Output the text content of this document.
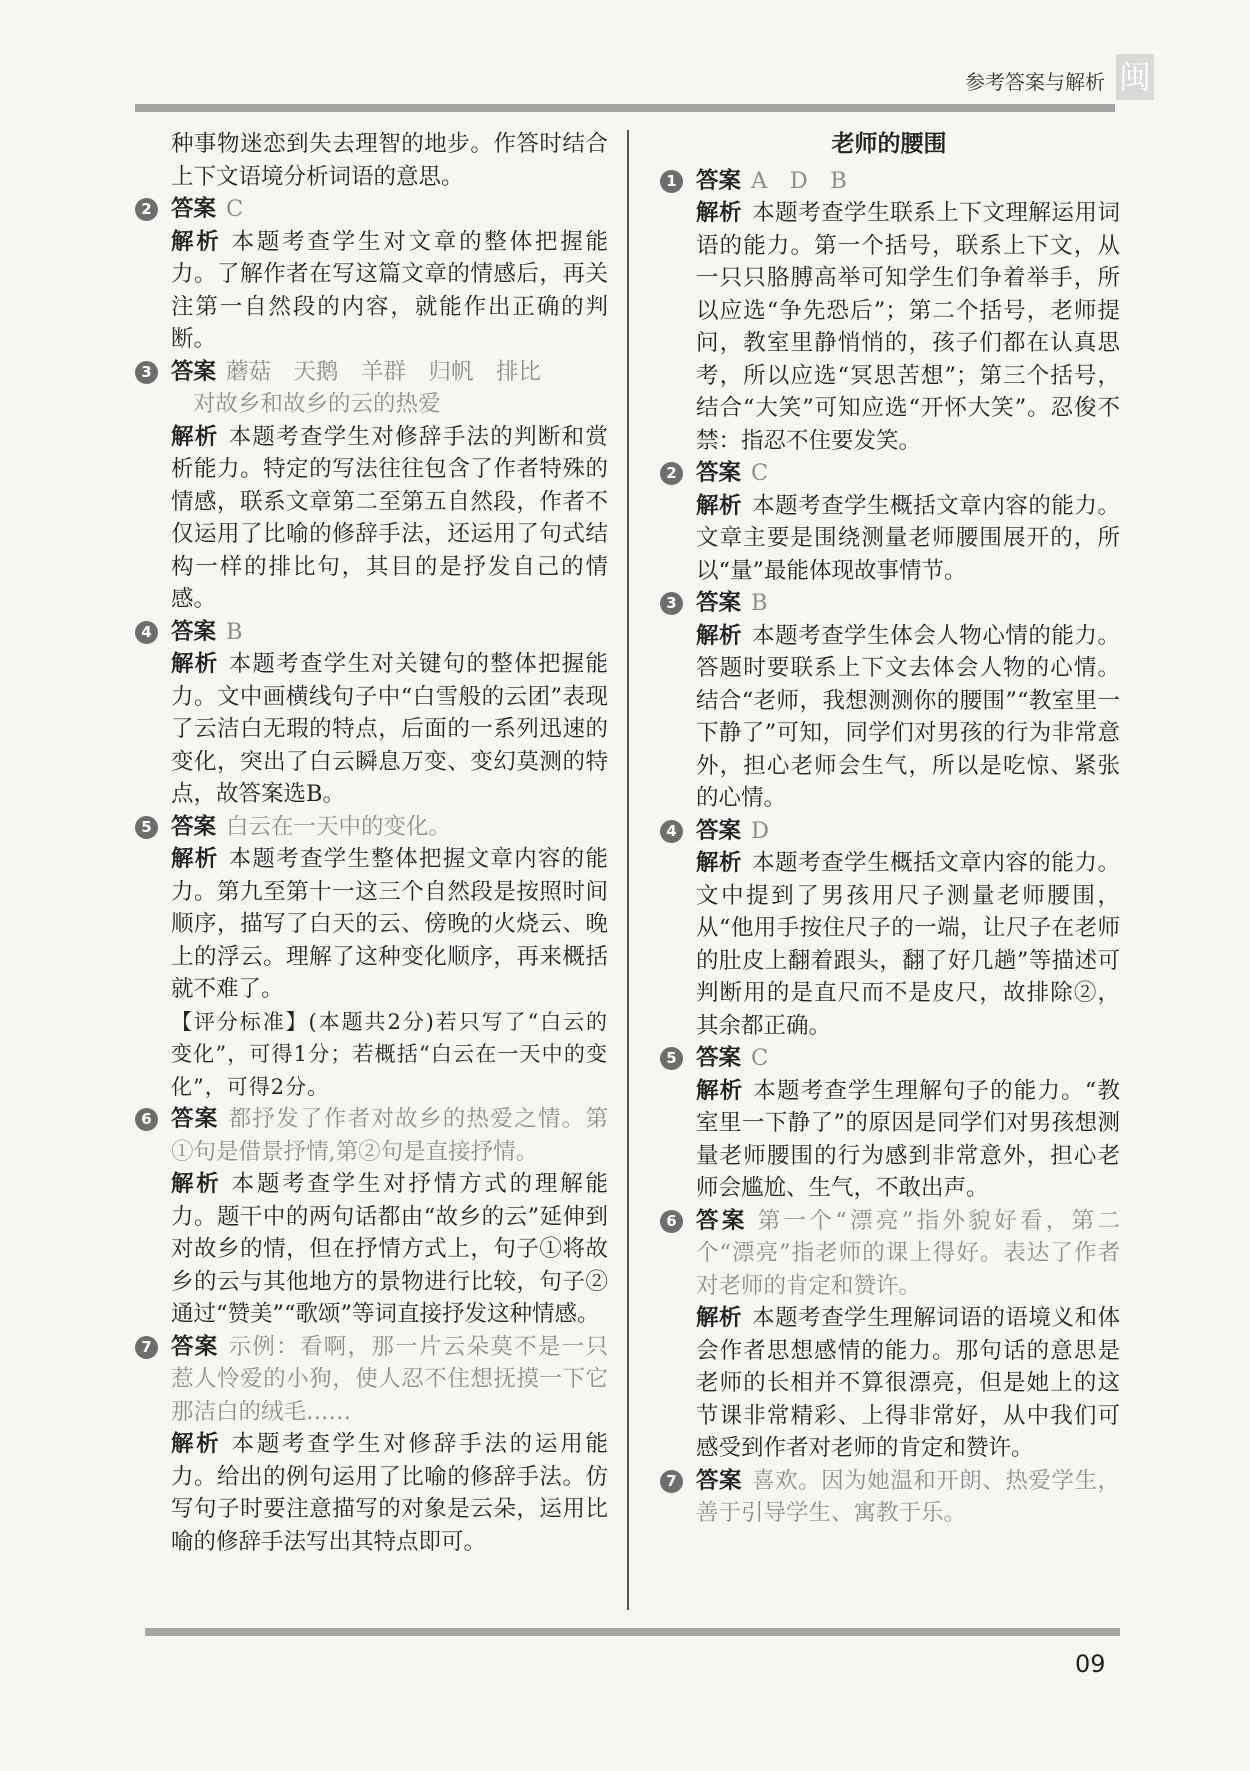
参考答案与解析 闽
种事物迷恋到失去理智的地步。作答时结合上下文语境分析词语的意思。
2 答案 C
解析 本题考查学生对文章的整体把握能力。了解作者在写这篇文章的情感后，再关注第一自然段的内容，就能作出正确的判断。
3 答案 蘑菇　天鹅　羊群　归帆　排比
对故乡和故乡的云的热爱
解析 本题考查学生对修辞手法的判断和赏析能力。特定的写法往往包含了作者特殊的情感，联系文章第二至第五自然段，作者不仅运用了比喻的修辞手法，还运用了句式结构一样的排比句，其目的是抒发自己的情感。
4 答案 B
解析 本题考查学生对关键句的整体把握能力。文中画横线句子中“白雪般的云团”表现了云洁白无瑕的特点，后面的一系列迅速的变化，突出了白云瞬息万变、变幻莫测的特点，故答案选B。
5 答案 白云在一天中的变化。
解析 本题考查学生整体把握文章内容的能力。第九至第十一这三个自然段是按照时间顺序，描写了白天的云、傍晚的火烧云、晚上的浮云。理解了这种变化顺序，再来概括就不难了。
【评分标准】(本题共2分)若只写了“白云的变化”，可得1分；若概括“白云在一天中的变化”，可得2分。
6 答案 都抒发了作者对故乡的热爱之情。第①句是借景抒情,第②句是直接抒情。
解析 本题考查学生对抒情方式的理解能力。题干中的两句话都由“故乡的云”延伸到对故乡的情，但在抒情方式上，句子①将故乡的云与其他地方的景物进行比较，句子②通过“赞美”“歌颂”等词直接抒发这种情感。
7 答案 示例：看啊，那一片云朵莫不是一只惹人怜爱的小狗，使人忍不住想抚摸一下它那洁白的绒毛……
解析 本题考查学生对修辞手法的运用能力。给出的例句运用了比喻的修辞手法。仿写句子时要注意描写的对象是云朵，运用比喻的修辞手法写出其特点即可。
老师的腰围
1 答案 A　D　B
解析 本题考查学生联系上下文理解运用词语的能力。第一个括号，联系上下文，从一只只胳膊高举可知学生们争着举手，所以应选“争先恐后”；第二个括号，老师提问，教室里静悄悄的，孩子们都在认真思考，所以应选“冥思苦想”；第三个括号，结合“大笑”可知应选“开怀大笑”。忍俊不禁：指忍不住要发笑。
2 答案 C
解析 本题考查学生概括文章内容的能力。文章主要是围绕测量老师腰围展开的，所以“量”最能体现故事情节。
3 答案 B
解析 本题考查学生体会人物心情的能力。答题时要联系上下文去体会人物的心情。结合“老师，我想测测你的腰围”“教室里一下静了”可知，同学们对男孩的行为非常意外，担心老师会生气，所以是吃惊、紧张的心情。
4 答案 D
解析 本题考查学生概括文章内容的能力。文中提到了男孩用尺子测量老师腰围，从“他用手按住尺子的一端，让尺子在老师的肚皮上翻着跟头，翻了好几趟”等描述可判断用的是直尺而不是皮尺，故排除②，其余都正确。
5 答案 C
解析 本题考查学生理解句子的能力。“教室里一下静了”的原因是同学们对男孩想测量老师腰围的行为感到非常意外，担心老师会尴尬、生气，不敢出声。
6 答案 第一个“漂亮”指外貌好看，第二个“漂亮”指老师的课上得好。表达了作者对老师的肯定和赞许。
解析 本题考查学生理解词语的语境义和体会作者思想感情的能力。那句话的意思是老师的长相并不算很漂亮，但是她上的这节课非常精彩、上得非常好，从中我们可感受到作者对老师的肯定和赞许。
7 答案 喜欢。因为她温和开朗、热爱学生，善于引导学生、寓教于乐。
09
